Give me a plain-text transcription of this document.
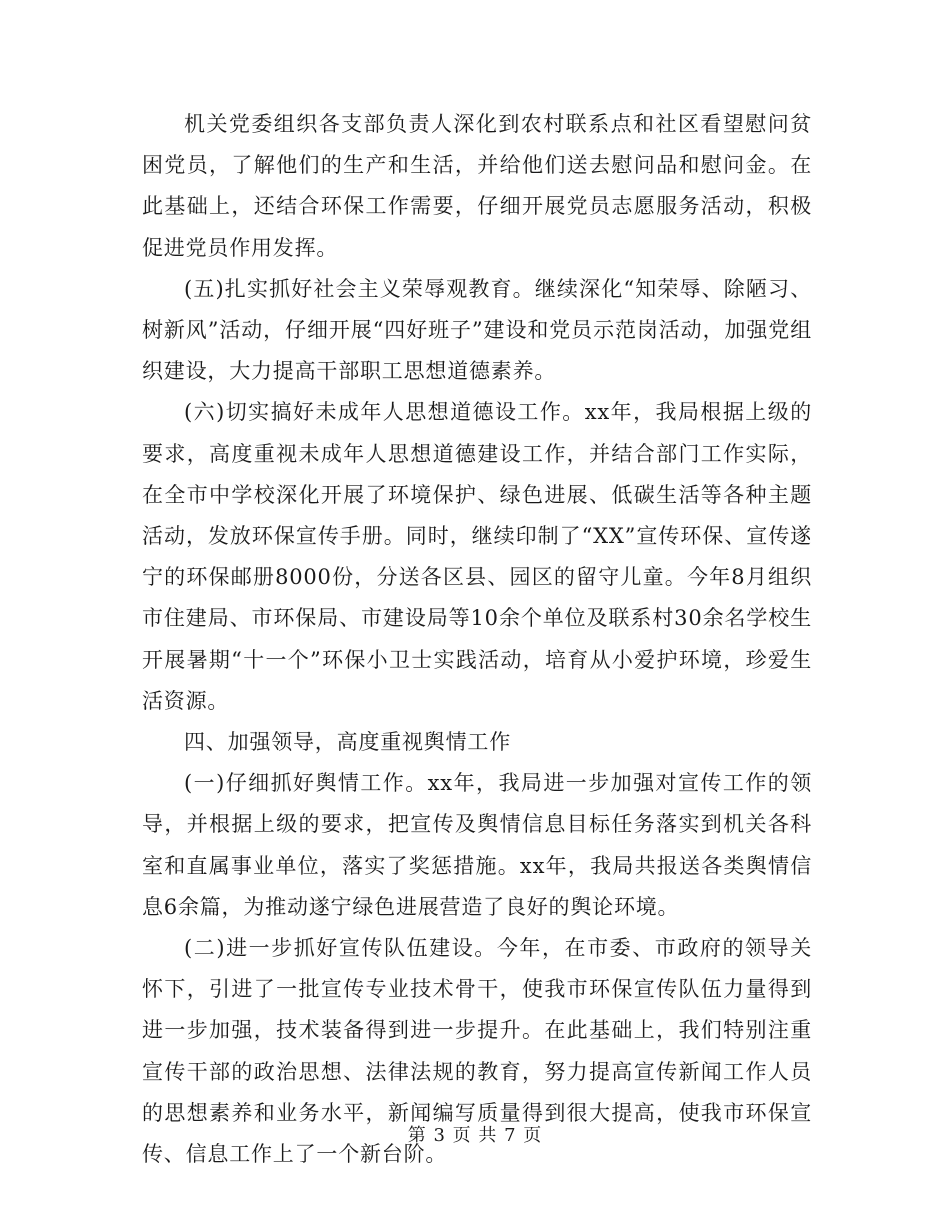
机关党委组织各支部负责人深化到农村联系点和社区看望慰问贫困党员，了解他们的生产和生活，并给他们送去慰问品和慰问金。在此基础上，还结合环保工作需要，仔细开展党员志愿服务活动，积极促进党员作用发挥。

(五)扎实抓好社会主义荣辱观教育。继续深化“知荣辱、除陋习、树新风”活动，仔细开展“四好班子”建设和党员示范岗活动，加强党组织建设，大力提高干部职工思想道德素养。

(六)切实搞好未成年人思想道德设工作。xx年，我局根据上级的要求，高度重视未成年人思想道德建设工作，并结合部门工作实际，在全市中学校深化开展了环境保护、绿色进展、低碳生活等各种主题活动，发放环保宣传手册。同时，继续印制了“XX”宣传环保、宣传遂宁的环保邮册8000份，分送各区县、园区的留守儿童。今年8月组织市住建局、市环保局、市建设局等10余个单位及联系村30余名学校生开展暑期“十一个”环保小卫士实践活动，培育从小爱护环境，珍爱生活资源。

四、加强领导，高度重视舆情工作

(一)仔细抓好舆情工作。xx年，我局进一步加强对宣传工作的领导，并根据上级的要求，把宣传及舆情信息目标任务落实到机关各科室和直属事业单位，落实了奖惩措施。xx年，我局共报送各类舆情信息6余篇，为推动遂宁绿色进展营造了良好的舆论环境。

(二)进一步抓好宣传队伍建设。今年，在市委、市政府的领导关怀下，引进了一批宣传专业技术骨干，使我市环保宣传队伍力量得到进一步加强，技术装备得到进一步提升。在此基础上，我们特别注重宣传干部的政治思想、法律法规的教育，努力提高宣传新闻工作人员的思想素养和业务水平，新闻编写质量得到很大提高，使我市环保宣传、信息工作上了一个新台阶。

第 3 页 共 7 页
